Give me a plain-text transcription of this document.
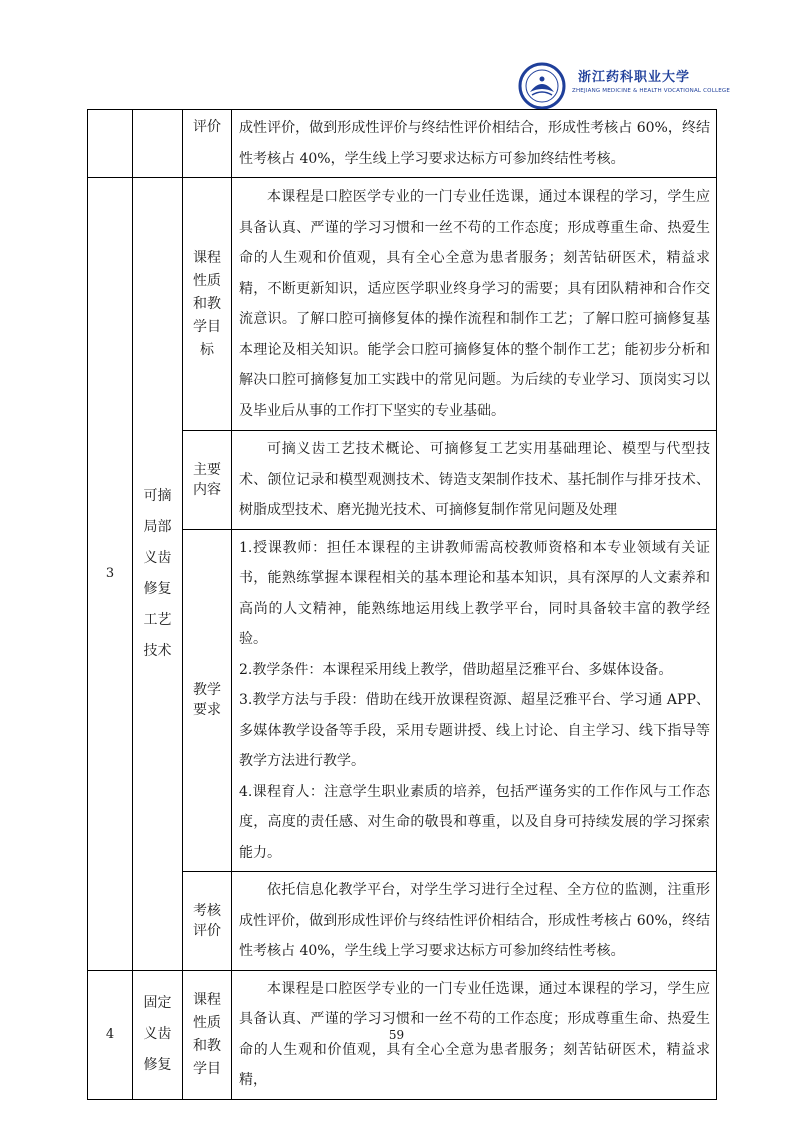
浙江药科职业大学
ZHEJIANG MEDICINE & HEALTH VOCATIONAL COLLEGE
		评价	成性评价，做到形成性评价与终结性评价相结合，形成性考核占 60%，终结性考核占 40%，学生线上学习要求达标方可参加终结性考核。

3	可摘局部义齿修复工艺技术	课程性质和教学目标	本课程是口腔医学专业的一门专业任选课，通过本课程的学习，学生应具备认真、严谨的学习习惯和一丝不苟的工作态度；形成尊重生命、热爱生命的人生观和价值观，具有全心全意为患者服务；刻苦钻研医术，精益求精，不断更新知识，适应医学职业终身学习的需要；具有团队精神和合作交流意识。了解口腔可摘修复体的操作流程和制作工艺；了解口腔可摘修复基本理论及相关知识。能学会口腔可摘修复体的整个制作工艺；能初步分析和解决口腔可摘修复加工实践中的常见问题。为后续的专业学习、顶岗实习以及毕业后从事的工作打下坚实的专业基础。

		主要内容	可摘义齿工艺技术概论、可摘修复工艺实用基础理论、模型与代型技术、颌位记录和模型观测技术、铸造支架制作技术、基托制作与排牙技术、树脂成型技术、磨光抛光技术、可摘修复制作常见问题及处理

		教学要求	1.授课教师：担任本课程的主讲教师需高校教师资格和本专业领域有关证书，能熟练掌握本课程相关的基本理论和基本知识，具有深厚的人文素养和高尚的人文精神，能熟练地运用线上教学平台，同时具备较丰富的教学经验。

2.教学条件：本课程采用线上教学，借助超星泛雅平台、多媒体设备。

3.教学方法与手段：借助在线开放课程资源、超星泛雅平台、学习通 APP、多媒体教学设备等手段，采用专题讲授、线上讨论、自主学习、线下指导等教学方法进行教学。

4.课程育人：注意学生职业素质的培养，包括严谨务实的工作作风与工作态度，高度的责任感、对生命的敬畏和尊重，以及自身可持续发展的学习探索能力。

		考核评价	依托信息化教学平台，对学生学习进行全过程、全方位的监测，注重形成性评价，做到形成性评价与终结性评价相结合，形成性考核占 60%，终结性考核占 40%，学生线上学习要求达标方可参加终结性考核。

4	固定义齿修复	课程性质和教学目	本课程是口腔医学专业的一门专业任选课，通过本课程的学习，学生应具备认真、严谨的学习习惯和一丝不苟的工作态度；形成尊重生命、热爱生命的人生观和价值观，具有全心全意为患者服务；刻苦钻研医术，精益求精，

59
